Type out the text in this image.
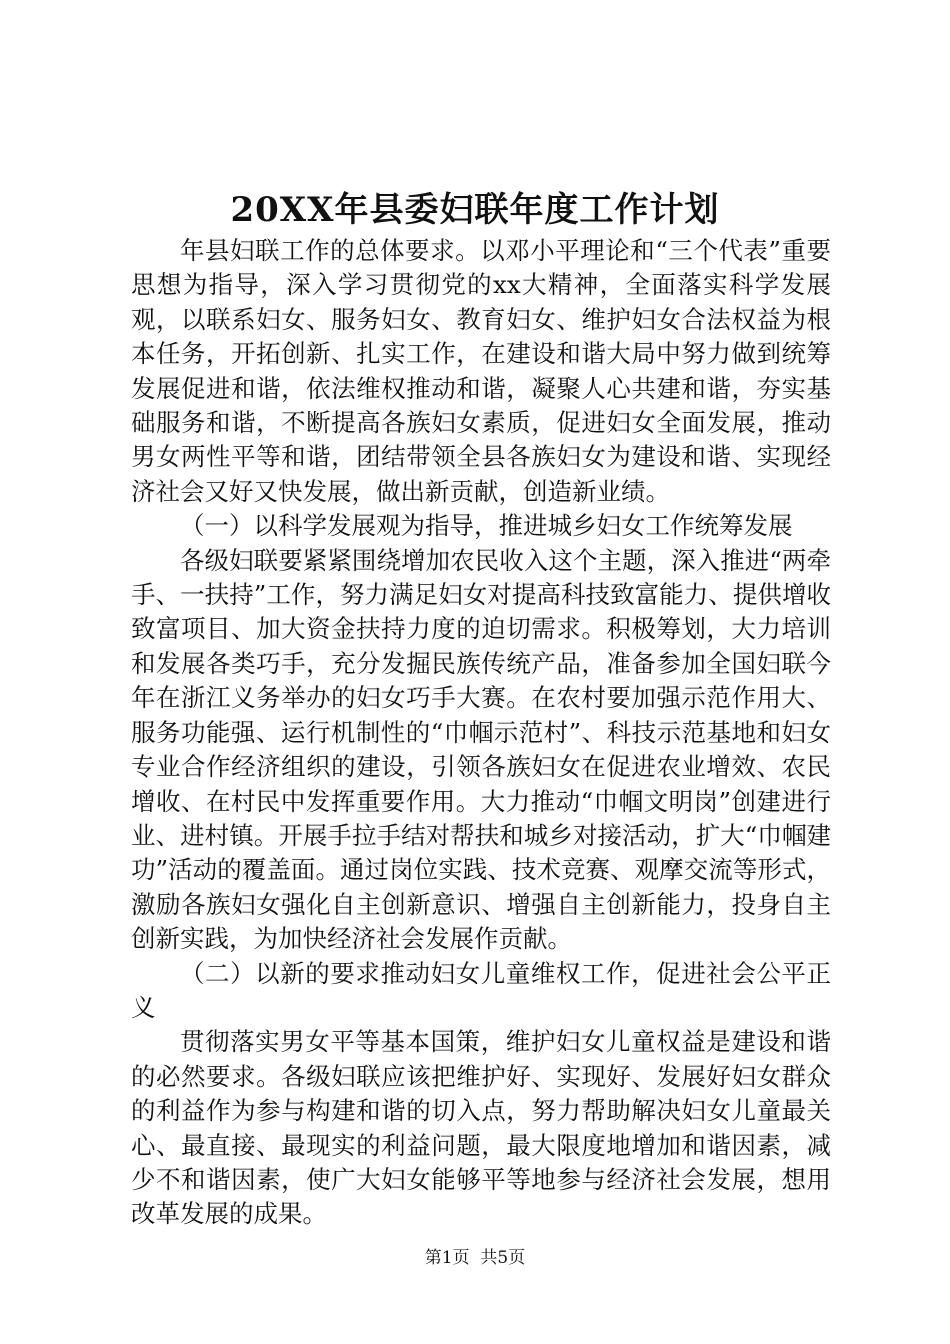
20XX年县委妇联年度工作计划

年县妇联工作的总体要求。以邓小平理论和“三个代表”重要思想为指导，深入学习贯彻党的xx大精神，全面落实科学发展观，以联系妇女、服务妇女、教育妇女、维护妇女合法权益为根本任务，开拓创新、扎实工作，在建设和谐大局中努力做到统筹发展促进和谐，依法维权推动和谐，凝聚人心共建和谐，夯实基础服务和谐，不断提高各族妇女素质，促进妇女全面发展，推动男女两性平等和谐，团结带领全县各族妇女为建设和谐、实现经济社会又好又快发展，做出新贡献，创造新业绩。

（一）以科学发展观为指导，推进城乡妇女工作统筹发展

各级妇联要紧紧围绕增加农民收入这个主题，深入推进“两牵手、一扶持”工作，努力满足妇女对提高科技致富能力、提供增收致富项目、加大资金扶持力度的迫切需求。积极筹划，大力培训和发展各类巧手，充分发掘民族传统产品，准备参加全国妇联今年在浙江义务举办的妇女巧手大赛。在农村要加强示范作用大、服务功能强、运行机制性的“巾帼示范村”、科技示范基地和妇女专业合作经济组织的建设，引领各族妇女在促进农业增效、农民增收、在村民中发挥重要作用。大力推动“巾帼文明岗”创建进行业、进村镇。开展手拉手结对帮扶和城乡对接活动，扩大“巾帼建功”活动的覆盖面。通过岗位实践、技术竞赛、观摩交流等形式，激励各族妇女强化自主创新意识、增强自主创新能力，投身自主创新实践，为加快经济社会发展作贡献。

（二）以新的要求推动妇女儿童维权工作，促进社会公平正义

贯彻落实男女平等基本国策，维护妇女儿童权益是建设和谐的必然要求。各级妇联应该把维护好、实现好、发展好妇女群众的利益作为参与构建和谐的切入点，努力帮助解决妇女儿童最关心、最直接、最现实的利益问题，最大限度地增加和谐因素，减少不和谐因素，使广大妇女能够平等地参与经济社会发展，想用改革发展的成果。

第1页 共5页
